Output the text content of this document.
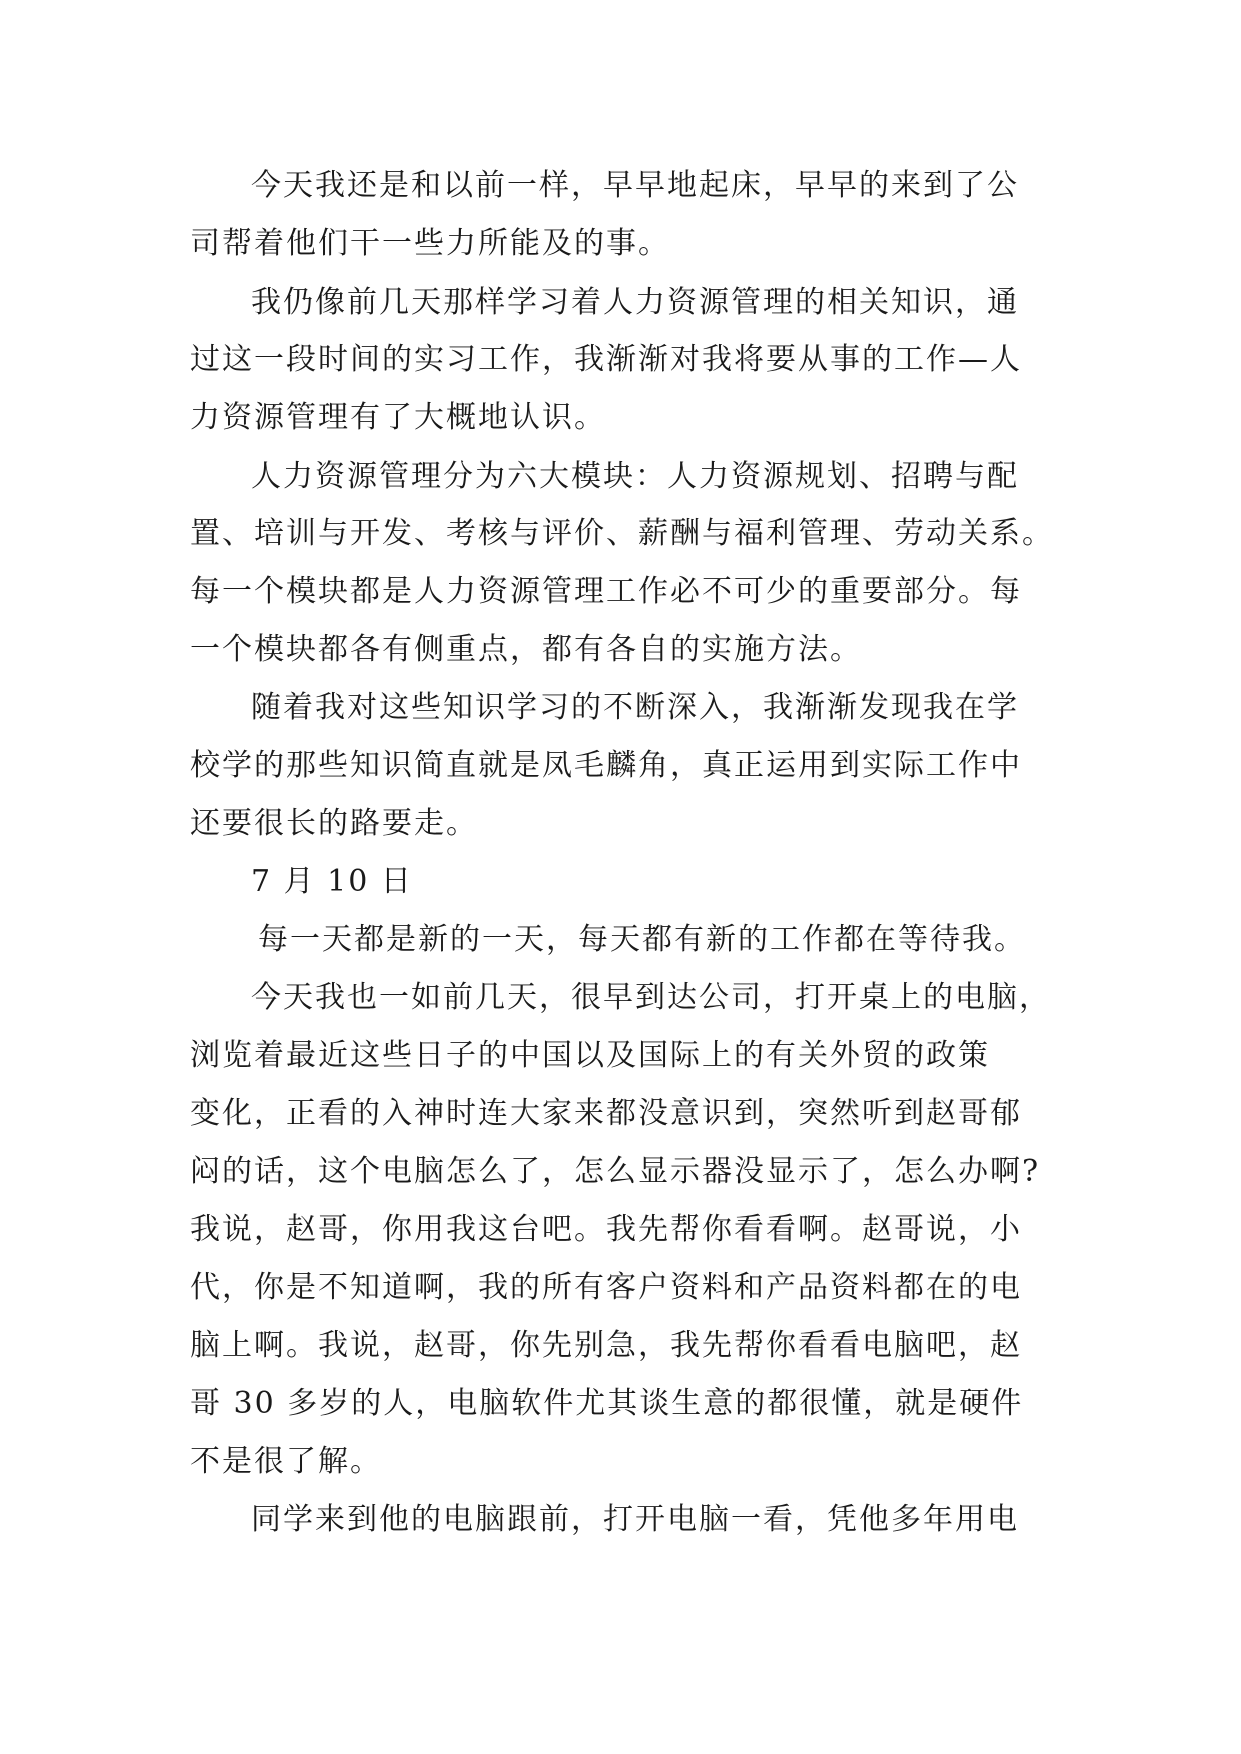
今天我还是和以前一样，早早地起床，早早的来到了公
司帮着他们干一些力所能及的事。
我仍像前几天那样学习着人力资源管理的相关知识，通
过这一段时间的实习工作，我渐渐对我将要从事的工作—人
力资源管理有了大概地认识。
人力资源管理分为六大模块：人力资源规划、招聘与配
置、培训与开发、考核与评价、薪酬与福利管理、劳动关系。
每一个模块都是人力资源管理工作必不可少的重要部分。每
一个模块都各有侧重点，都有各自的实施方法。
随着我对这些知识学习的不断深入，我渐渐发现我在学
校学的那些知识简直就是凤毛麟角，真正运用到实际工作中
还要很长的路要走。
7 月 10 日
每一天都是新的一天，每天都有新的工作都在等待我。
今天我也一如前几天，很早到达公司，打开桌上的电脑，
浏览着最近这些日子的中国以及国际上的有关外贸的政策
变化，正看的入神时连大家来都没意识到，突然听到赵哥郁
闷的话，这个电脑怎么了，怎么显示器没显示了，怎么办啊?
我说，赵哥，你用我这台吧。我先帮你看看啊。赵哥说，小
代，你是不知道啊，我的所有客户资料和产品资料都在的电
脑上啊。我说，赵哥，你先别急，我先帮你看看电脑吧，赵
哥 30 多岁的人，电脑软件尤其谈生意的都很懂，就是硬件
不是很了解。
同学来到他的电脑跟前，打开电脑一看，凭他多年用电
